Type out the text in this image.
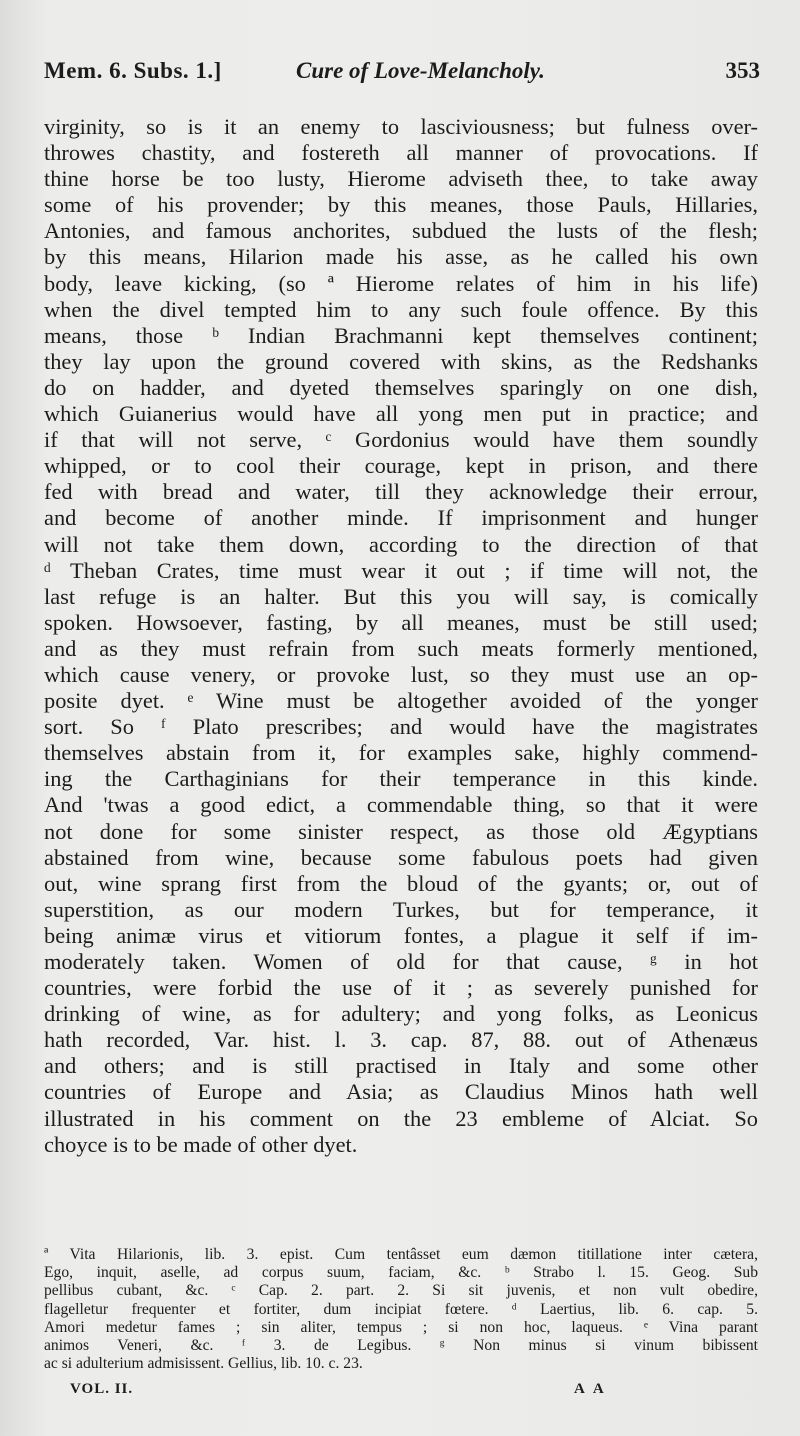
Mem. 6. Subs. 1.]	Cure of Love-Melancholy.	353
virginity, so is it an enemy to lasciviousness; but fulness over-
throwes chastity, and fostereth all manner of provocations. If
thine horse be too lusty, Hierome adviseth thee, to take away
some of his provender; by this meanes, those Pauls, Hillaries,
Antonies, and famous anchorites, subdued the lusts of the flesh;
by this means, Hilarion made his asse, as he called his own
body, leave kicking, (so ª Hierome relates of him in his life)
when the divel tempted him to any such foule offence. By this
means, those ᵇ Indian Brachmanni kept themselves continent;
they lay upon the ground covered with skins, as the Redshanks
do on hadder, and dyeted themselves sparingly on one dish,
which Guianerius would have all yong men put in practice; and
if that will not serve, ᶜ Gordonius would have them soundly
whipped, or to cool their courage, kept in prison, and there
fed with bread and water, till they acknowledge their errour,
and become of another minde. If imprisonment and hunger
will not take them down, according to the direction of that
ᵈ Theban Crates, time must wear it out ; if time will not, the
last refuge is an halter. But this you will say, is comically
spoken. Howsoever, fasting, by all meanes, must be still used;
and as they must refrain from such meats formerly mentioned,
which cause venery, or provoke lust, so they must use an op-
posite dyet. ᵉ Wine must be altogether avoided of the yonger
sort. So ᶠ Plato prescribes; and would have the magistrates
themselves abstain from it, for examples sake, highly commend-
ing the Carthaginians for their temperance in this kinde.
And 'twas a good edict, a commendable thing, so that it were
not done for some sinister respect, as those old Ægyptians
abstained from wine, because some fabulous poets had given
out, wine sprang first from the bloud of the gyants; or, out of
superstition, as our modern Turkes, but for temperance, it
being animæ virus et vitiorum fontes, a plague it self if im-
moderately taken. Women of old for that cause, ᵍ in hot
countries, were forbid the use of it ; as severely punished for
drinking of wine, as for adultery; and yong folks, as Leonicus
hath recorded, Var. hist. l. 3. cap. 87, 88. out of Athenæus
and others; and is still practised in Italy and some other
countries of Europe and Asia; as Claudius Minos hath well
illustrated in his comment on the 23 embleme of Alciat. So
choyce is to be made of other dyet.
ª Vita Hilarionis, lib. 3. epist. Cum tentâsset eum dæmon titillatione inter cætera,
Ego, inquit, aselle, ad corpus suum, faciam, &c. ᵇ Strabo l. 15. Geog. Sub
pellibus cubant, &c. ᶜ Cap. 2. part. 2. Si sit juvenis, et non vult obedire,
flagelletur frequenter et fortiter, dum incipiat fœtere. ᵈ Laertius, lib. 6. cap. 5.
Amori medetur fames ; sin aliter, tempus ; si non hoc, laqueus. ᵉ Vina parant
animos Veneri, &c. ᶠ 3. de Legibus. ᵍ Non minus si vinum bibissent
ac si adulterium admisissent. Gellius, lib. 10. c. 23.
VOL. II.	A A
